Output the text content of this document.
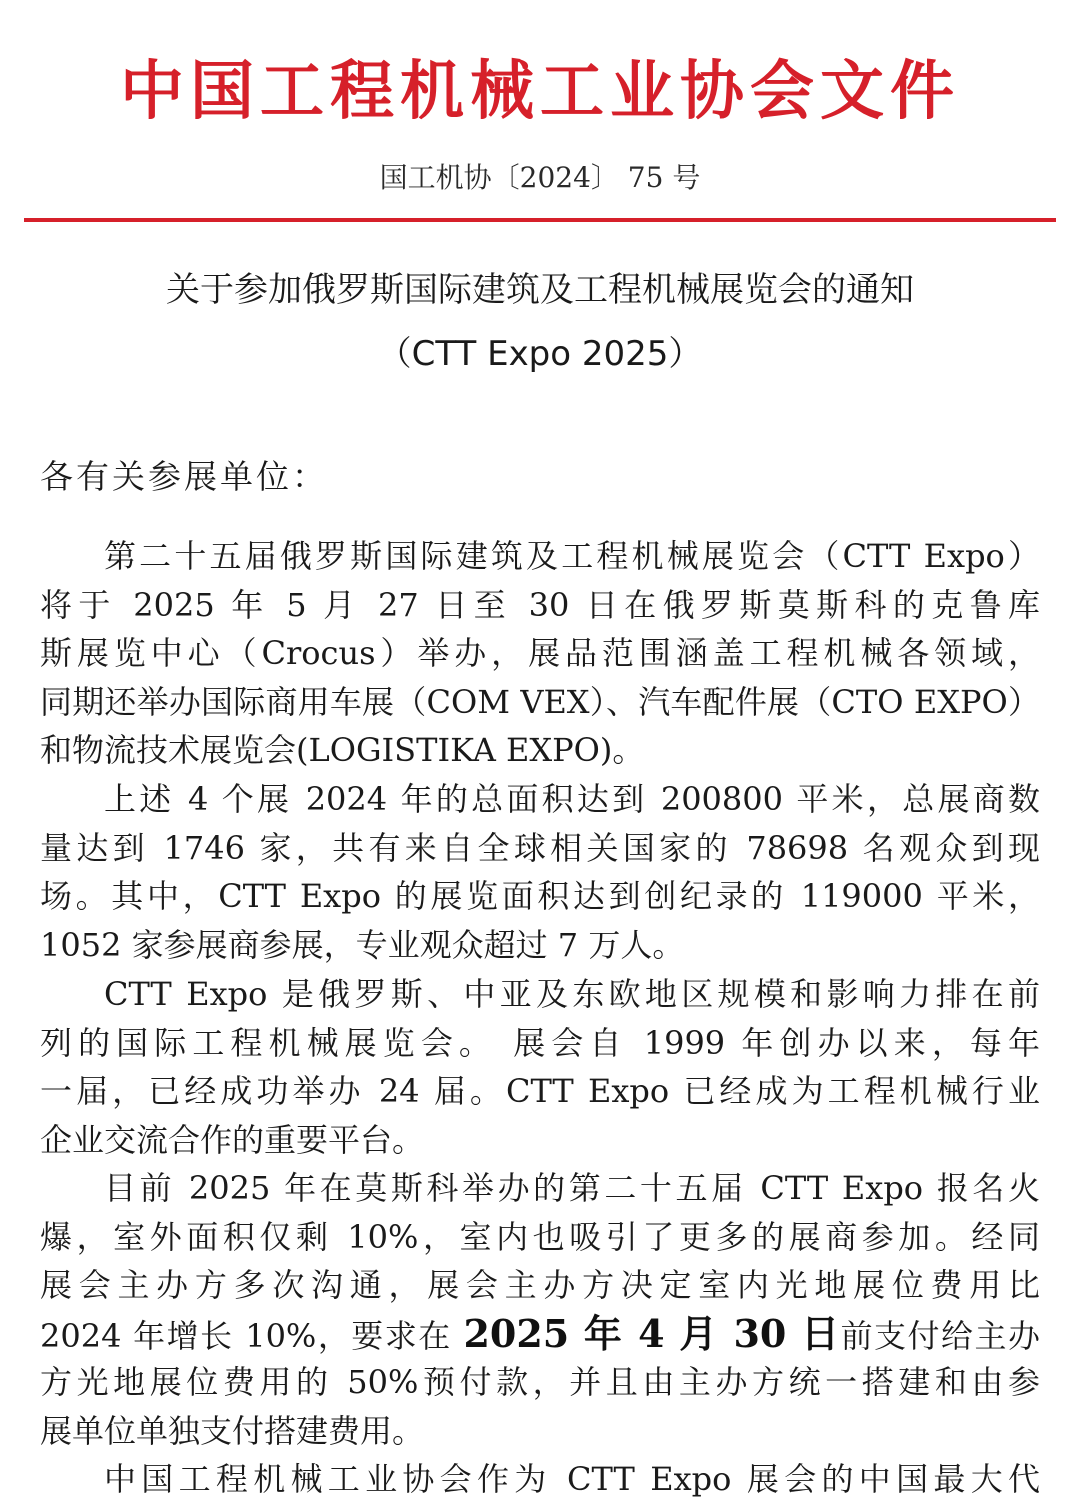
中国工程机械工业协会文件
国工机协〔2024〕 75 号
关于参加俄罗斯国际建筑及工程机械展览会的通知
（CTT Expo 2025）
各有关参展单位：
第二十五届俄罗斯国际建筑及工程机械展览会（CTT Expo）
将于 2025 年 5 月 27 日至 30 日在俄罗斯莫斯科的克鲁库
斯展览中心（Crocus）举办，展品范围涵盖工程机械各领域，
同期还举办国际商用车展（COM VEX）、汽车配件展（CTO EXPO）
和物流技术展览会(LOGISTIKA EXPO)。
上述 4 个展 2024 年的总面积达到 200800 平米，总展商数
量达到 1746 家，共有来自全球相关国家的 78698 名观众到现
场。其中，CTT Expo 的展览面积达到创纪录的 119000 平米，
1052 家参展商参展，专业观众超过 7 万人。
CTT Expo 是俄罗斯、中亚及东欧地区规模和影响力排在前
列的国际工程机械展览会。 展会自 1999 年创办以来，每年
一届，已经成功举办 24 届。CTT Expo 已经成为工程机械行业
企业交流合作的重要平台。
目前 2025 年在莫斯科举办的第二十五届 CTT Expo 报名火
爆，室外面积仅剩 10%，室内也吸引了更多的展商参加。经同
展会主办方多次沟通，展会主办方决定室内光地展位费用比
2024 年增长 10%，要求在 2025 年 4 月 30 日前支付给主办
方光地展位费用的 50%预付款，并且由主办方统一搭建和由参
展单位单独支付搭建费用。
中国工程机械工业协会作为 CTT Expo 展会的中国最大代
